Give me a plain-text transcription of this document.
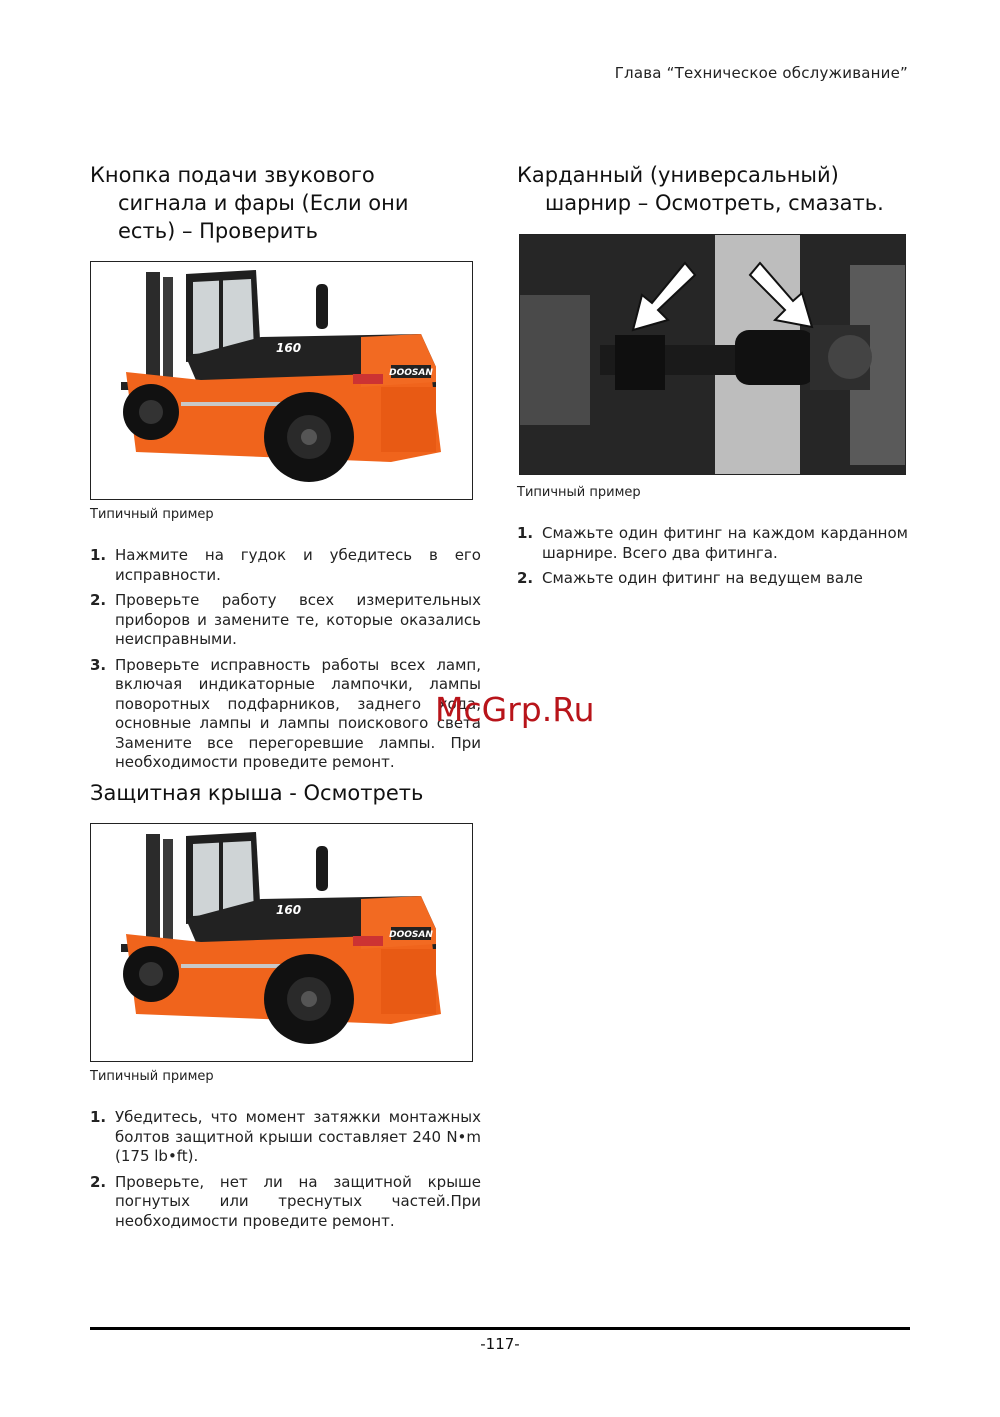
Глава “Техническое обслуживание”
Кнопка подачи звукового
сигнала и фары (Если они
есть) – Проверить
DOOSAN
160
Типичный пример
1. Нажмите на гудок и убедитесь в его исправности.
2. Проверьте работу всех измерительных приборов и замените те, которые оказались неисправными.
3. Проверьте исправность работы всех ламп, включая индикаторные лампочки, лампы поворотных подфарников, заднего хода, основные лампы и лампы поискового света Замените все перегоревшие лампы. При необходимости проведите ремонт.
Защитная крыша - Осмотреть
DOOSAN
160
Типичный пример
1. Убедитесь, что момент затяжки монтажных болтов защитной крыши составляет 240 N•m (175 lb•ft).
2. Проверьте, нет ли на защитной крыше погнутых или треснутых частей.При необходимости проведите ремонт.
Карданный (универсальный)
шарнир – Осмотреть, смазать.
Типичный пример
1. Смажьте один фитинг на каждом карданном шарнире. Всего два фитинга.
2. Смажьте один фитинг на ведущем вале
McGrp.Ru
-117-
